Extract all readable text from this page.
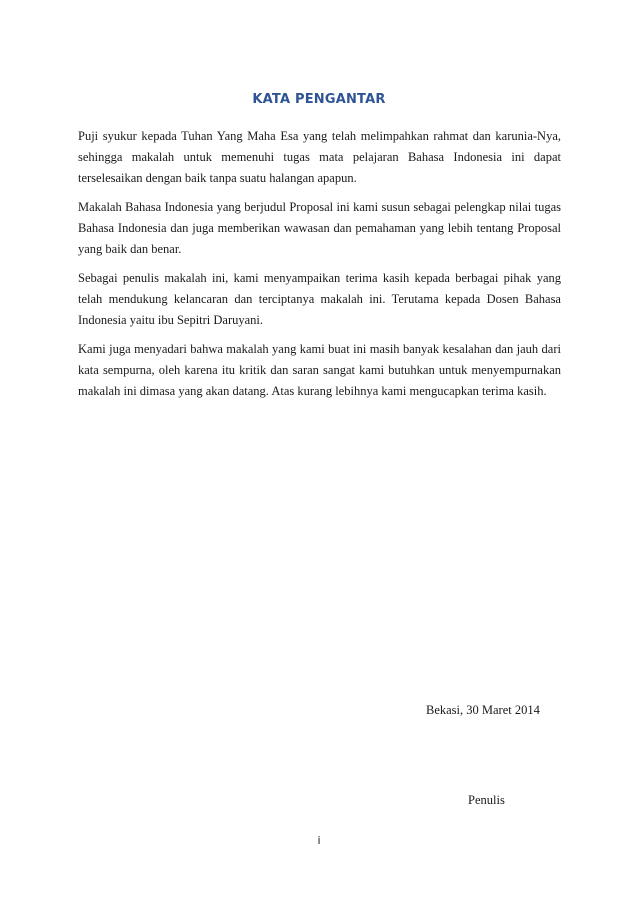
KATA PENGANTAR

Puji syukur kepada Tuhan Yang Maha Esa yang telah melimpahkan rahmat dan karunia-Nya, sehingga makalah untuk memenuhi tugas mata pelajaran Bahasa Indonesia ini dapat terselesaikan dengan baik tanpa suatu halangan apapun.

Makalah Bahasa Indonesia yang berjudul Proposal ini kami susun sebagai pelengkap nilai tugas Bahasa Indonesia dan juga memberikan wawasan dan pemahaman yang lebih tentang Proposal yang baik dan benar.

Sebagai penulis makalah ini, kami menyampaikan terima kasih kepada berbagai pihak yang telah mendukung kelancaran dan terciptanya makalah ini. Terutama kepada Dosen Bahasa Indonesia yaitu ibu Sepitri Daruyani.

Kami juga menyadari bahwa makalah yang kami buat ini masih banyak kesalahan dan jauh dari kata sempurna, oleh karena itu kritik dan saran sangat kami butuhkan untuk menyempurnakan makalah ini dimasa yang akan datang. Atas kurang lebihnya kami mengucapkan terima kasih.

Bekasi, 30 Maret 2014
Penulis
i
